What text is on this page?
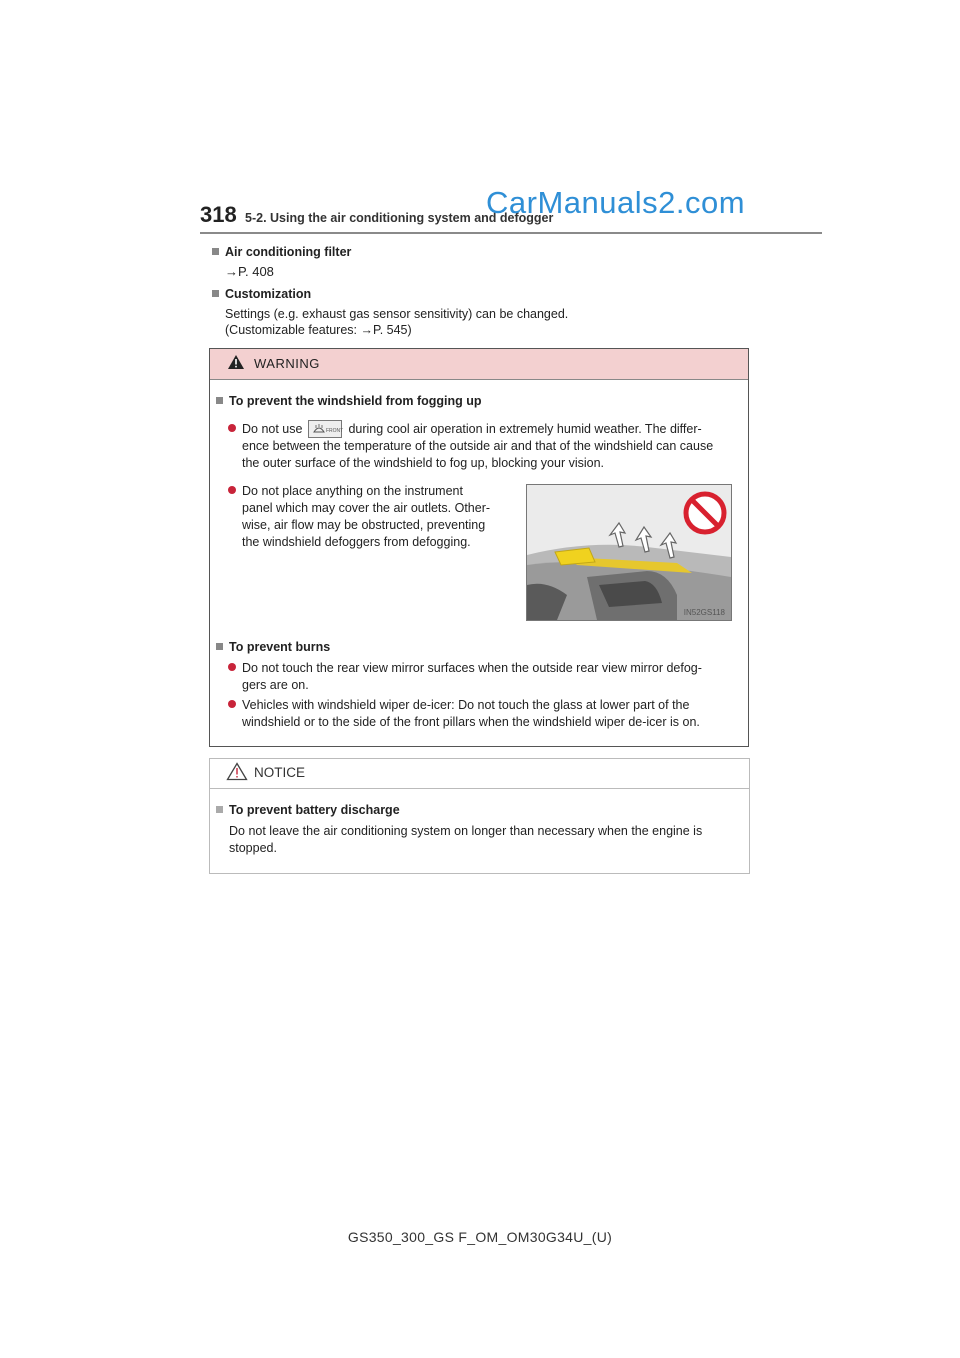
318 5-2. Using the air conditioning system and defogger
CarManuals2.com
Air conditioning filter
→P. 408
Customization
Settings (e.g. exhaust gas sensor sensitivity) can be changed.
(Customizable features: →P. 545)
WARNING
To prevent the windshield from fogging up
Do not use	FRONT during cool air operation in extremely humid weather. The differ-
ence between the temperature of the outside air and that of the windshield can cause
the outer surface of the windshield to fog up, blocking your vision.
Do not place anything on the instrument
panel which may cover the air outlets. Other-
wise, air flow may be obstructed, preventing
the windshield defoggers from defogging.
IN52GS118
To prevent burns
Do not touch the rear view mirror surfaces when the outside rear view mirror defog-
gers are on.
Vehicles with windshield wiper de-icer: Do not touch the glass at lower part of the
windshield or to the side of the front pillars when the windshield wiper de-icer is on.
NOTICE
To prevent battery discharge
Do not leave the air conditioning system on longer than necessary when the engine is
stopped.
GS350_300_GS F_OM_OM30G34U_(U)
